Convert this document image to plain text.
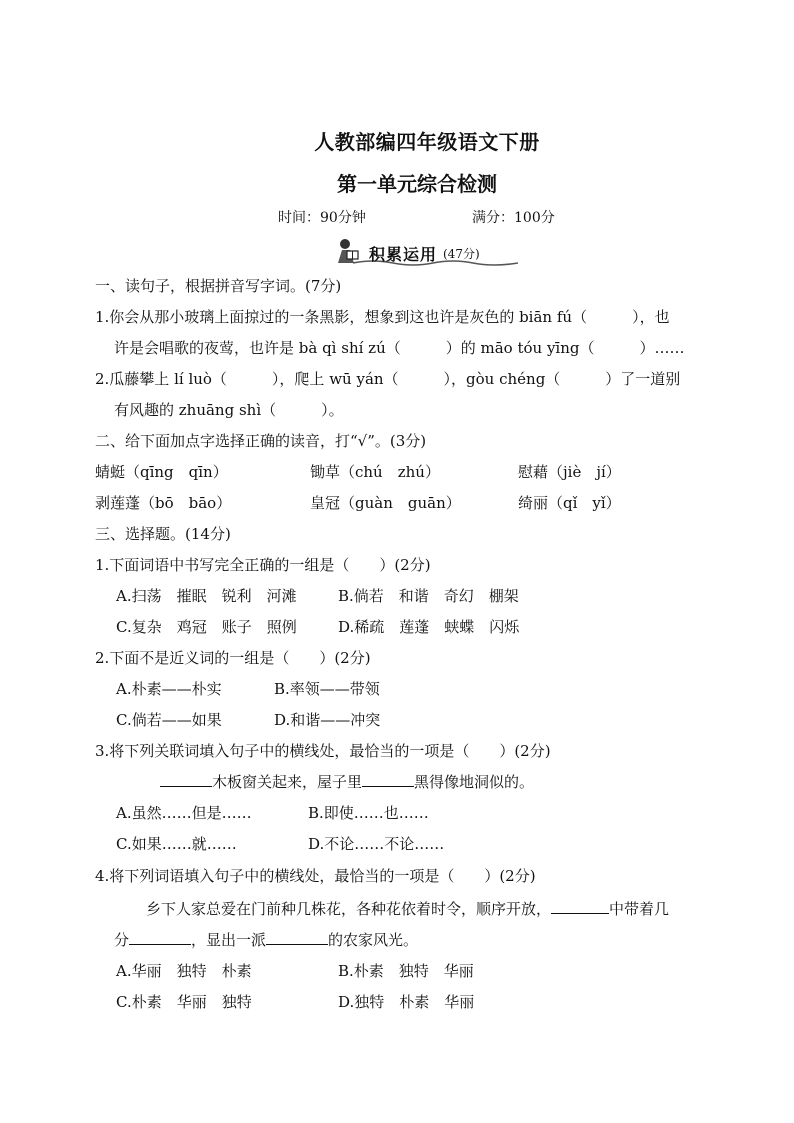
人教部编四年级语文下册
第一单元综合检测
时间：90分钟	满分：100分
积累运用 (47分)
一、读句子，根据拼音写字词。(7分)
1.你会从那小玻璃上面掠过的一条黑影，想象到这也许是灰色的 biān fú（　　　），也
许是会唱歌的夜莺，也许是 bà qì shí zú（　　　）的 māo tóu yīng（　　　）……
2.瓜藤攀上 lí luò（　　　），爬上 wū yán（　　　），gòu chéng（　　　）了一道别
有风趣的 zhuāng shì（　　　）。
二、给下面加点字选择正确的读音，打“√”。(3分)
蜻蜓（qīng　qīn）	锄草（chú　zhú）	慰藉（jiè　jí）
剥莲蓬（bō　bāo）	皇冠（guàn　guān）	绮丽（qǐ　yǐ）
三、选择题。(14分)
1.下面词语中书写完全正确的一组是（　　）(2分)
A.扫荡　摧眠　锐利　河滩	B.倘若　和谐　奇幻　棚架
C.复杂　鸡冠　账子　照例	D.稀疏　莲蓬　蛱蝶　闪烁
2.下面不是近义词的一组是（　　）(2分)
A.朴素——朴实	B.率领——带领
C.倘若——如果	D.和谐——冲突
3.将下列关联词填入句子中的横线处，最恰当的一项是（　　）(2分)
木板窗关起来，屋子里	黑得像地洞似的。
A.虽然……但是……	B.即使……也……
C.如果……就……	D.不论……不论……
4.将下列词语填入句子中的横线处，最恰当的一项是（　　）(2分)
乡下人家总爱在门前种几株花，各种花依着时令，顺序开放，	中带着几
分	，显出一派	的农家风光。
A.华丽　独特　朴素	B.朴素　独特　华丽
C.朴素　华丽　独特	D.独特　朴素　华丽
